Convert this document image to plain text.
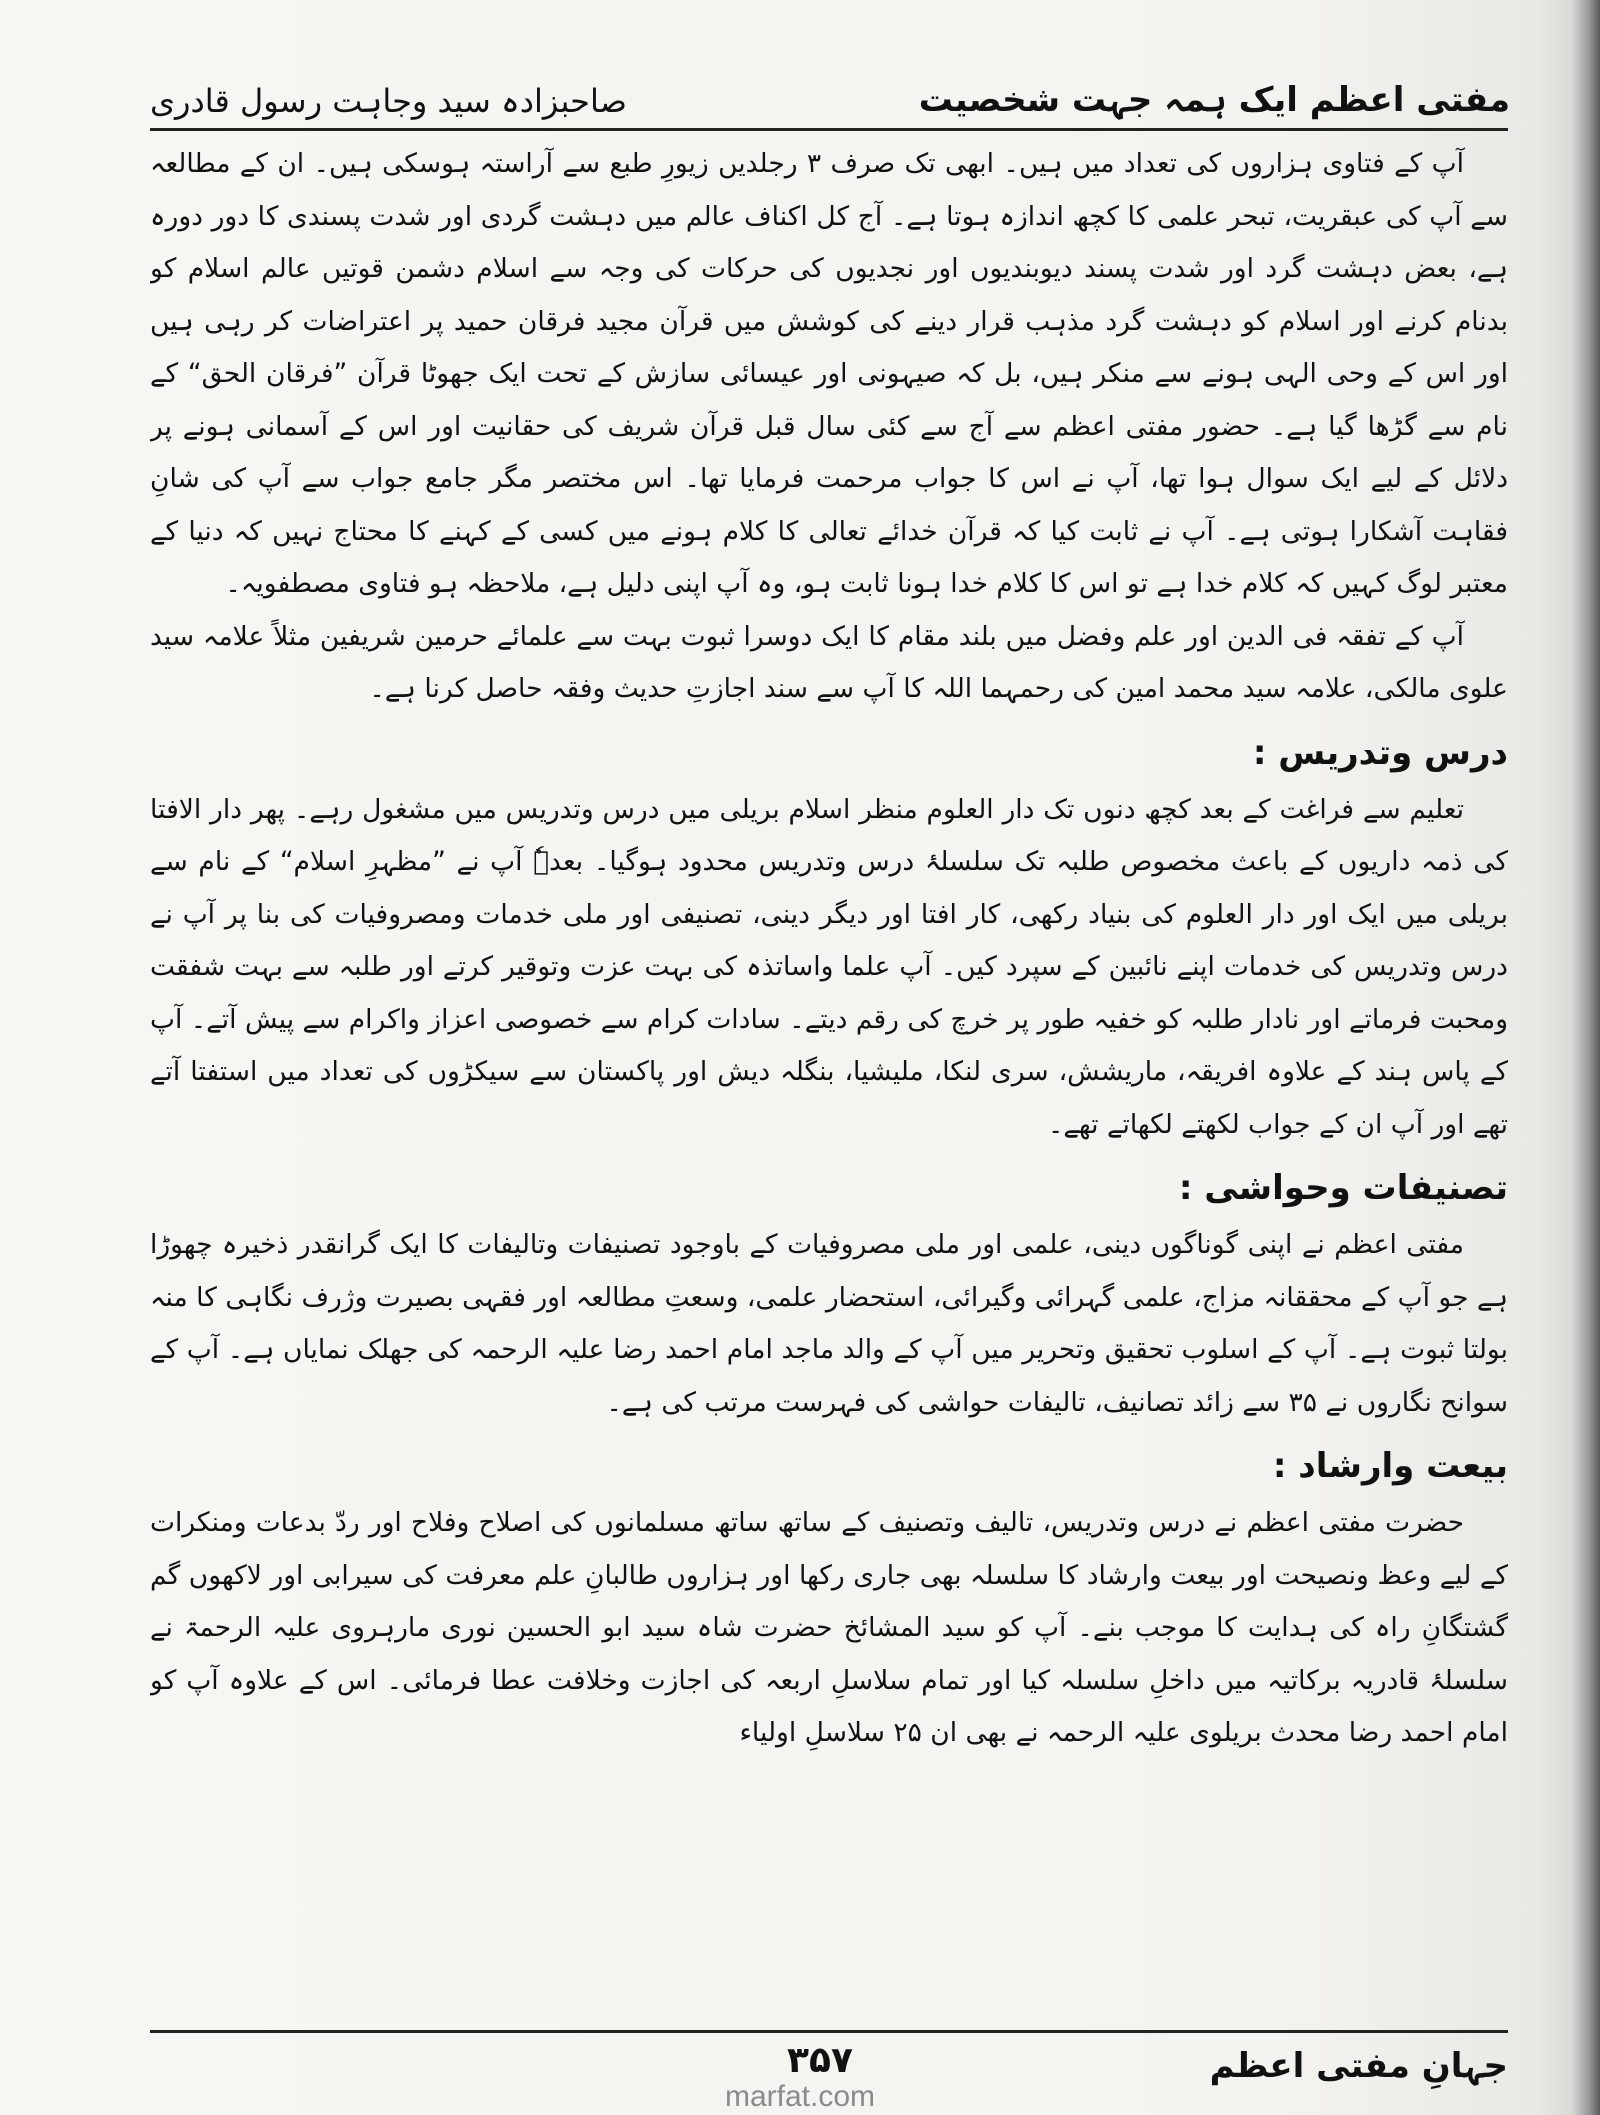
مفتی اعظم ایک ہمہ جہت شخصیت
صاحبزادہ سید وجاہت رسول قادری

آپ کے فتاوی ہزاروں کی تعداد میں ہیں۔ ابھی تک صرف ۳ رجلدیں زیورِ طبع سے آراستہ ہوسکی ہیں۔ ان کے مطالعہ سے آپ کی عبقریت، تبحر علمی کا کچھ اندازہ ہوتا ہے۔ آج کل اکناف عالم میں دہشت گردی اور شدت پسندی کا دور دورہ ہے، بعض دہشت گرد اور شدت پسند دیوبندیوں اور نجدیوں کی حرکات کی وجہ سے اسلام دشمن قوتیں عالم اسلام کو بدنام کرنے اور اسلام کو دہشت گرد مذہب قرار دینے کی کوشش میں قرآن مجید فرقان حمید پر اعتراضات کر رہی ہیں اور اس کے وحی الہی ہونے سے منکر ہیں، بل کہ صیہونی اور عیسائی سازش کے تحت ایک جھوٹا قرآن ”فرقان الحق“ کے نام سے گڑھا گیا ہے۔ حضور مفتی اعظم سے آج سے کئی سال قبل قرآن شریف کی حقانیت اور اس کے آسمانی ہونے پر دلائل کے لیے ایک سوال ہوا تھا، آپ نے اس کا جواب مرحمت فرمایا تھا۔ اس مختصر مگر جامع جواب سے آپ کی شانِ فقاہت آشکارا ہوتی ہے۔ آپ نے ثابت کیا کہ قرآن خدائے تعالی کا کلام ہونے میں کسی کے کہنے کا محتاج نہیں کہ دنیا کے معتبر لوگ کہیں کہ کلام خدا ہے تو اس کا کلام خدا ہونا ثابت ہو، وہ آپ اپنی دلیل ہے، ملاحظہ ہو فتاوی مصطفویہ۔

آپ کے تفقہ فی الدین اور علم وفضل میں بلند مقام کا ایک دوسرا ثبوت بہت سے علمائے حرمین شریفین مثلاً علامہ سید علوی مالکی، علامہ سید محمد امین کی رحمہما اللہ کا آپ سے سند اجازتِ حدیث وفقہ حاصل کرنا ہے۔

درس وتدریس :

تعلیم سے فراغت کے بعد کچھ دنوں تک دار العلوم منظر اسلام بریلی میں درس وتدریس میں مشغول رہے۔ پھر دار الافتا کی ذمہ داریوں کے باعث مخصوص طلبہ تک سلسلۂ درس وتدریس محدود ہوگیا۔ بعدہٗ آپ نے ”مظہرِ اسلام“ کے نام سے بریلی میں ایک اور دار العلوم کی بنیاد رکھی، کار افتا اور دیگر دینی، تصنیفی اور ملی خدمات ومصروفیات کی بنا پر آپ نے درس وتدریس کی خدمات اپنے نائبین کے سپرد کیں۔ آپ علما واساتذہ کی بہت عزت وتوقیر کرتے اور طلبہ سے بہت شفقت ومحبت فرماتے اور نادار طلبہ کو خفیہ طور پر خرچ کی رقم دیتے۔ سادات کرام سے خصوصی اعزاز واکرام سے پیش آتے۔ آپ کے پاس ہند کے علاوہ افریقہ، ماریشش، سری لنکا، ملیشیا، بنگلہ دیش اور پاکستان سے سیکڑوں کی تعداد میں استفتا آتے تھے اور آپ ان کے جواب لکھتے لکھاتے تھے۔

تصنیفات وحواشی :

مفتی اعظم نے اپنی گوناگوں دینی، علمی اور ملی مصروفیات کے باوجود تصنیفات وتالیفات کا ایک گرانقدر ذخیرہ چھوڑا ہے جو آپ کے محققانہ مزاج، علمی گہرائی وگیرائی، استحضار علمی، وسعتِ مطالعہ اور فقہی بصیرت وژرف نگاہی کا منہ بولتا ثبوت ہے۔ آپ کے اسلوب تحقیق وتحریر میں آپ کے والد ماجد امام احمد رضا علیہ الرحمہ کی جھلک نمایاں ہے۔ آپ کے سوانح نگاروں نے ۳۵ سے زائد تصانیف، تالیفات حواشی کی فہرست مرتب کی ہے۔

بیعت وارشاد :

حضرت مفتی اعظم نے درس وتدریس، تالیف وتصنیف کے ساتھ ساتھ مسلمانوں کی اصلاح وفلاح اور ردّ بدعات ومنکرات کے لیے وعظ ونصیحت اور بیعت وارشاد کا سلسلہ بھی جاری رکھا اور ہزاروں طالبانِ علم معرفت کی سیرابی اور لاکھوں گم گشتگانِ راہ کی ہدایت کا موجب بنے۔ آپ کو سید المشائخ حضرت شاہ سید ابو الحسین نوری مارہروی علیہ الرحمۃ نے سلسلۂ قادریہ برکاتیہ میں داخلِ سلسلہ کیا اور تمام سلاسلِ اربعہ کی اجازت وخلافت عطا فرمائی۔ اس کے علاوہ آپ کو امام احمد رضا محدث بریلوی علیہ الرحمہ نے بھی ان ۲۵ سلاسلِ اولیاء

جہانِ مفتی اعظم
۳۵۷
marfat.com
